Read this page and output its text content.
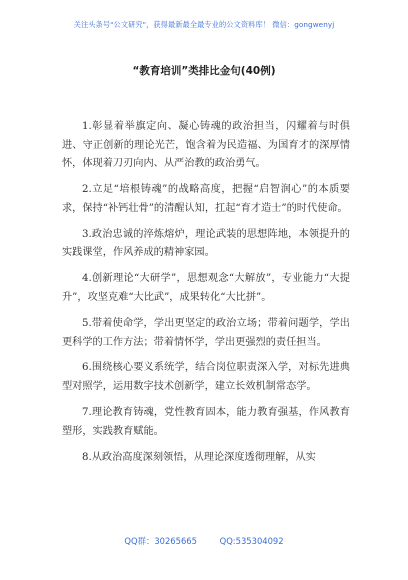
关注头条号"公文研究"，获得最新最全最专业的公文资料库！ 微信：gongwenyj
“教育培训”类排比金句(40例)

1.彰显着举旗定向、凝心铸魂的政治担当，闪耀着与时俱进、守正创新的理论光芒，饱含着为民造福、为国育才的深厚情怀，体现着刀刃向内、从严治教的政治勇气。

2.立足“培根铸魂”的战略高度，把握“启智润心”的本质要求，保持“补钙壮骨”的清醒认知，扛起“育才造士”的时代使命。

3.政治忠诚的淬炼熔炉，理论武装的思想阵地，本领提升的实践课堂，作风养成的精神家园。

4.创新理论“大研学”，思想观念“大解放”，专业能力“大提升”，攻坚克难“大比武”，成果转化“大比拼”。

5.带着使命学，学出更坚定的政治立场；带着问题学，学出更科学的工作方法；带着情怀学，学出更强烈的责任担当。

6.围绕核心要义系统学，结合岗位职责深入学，对标先进典型对照学，运用数字技术创新学，建立长效机制常态学。

7.理论教育铸魂，党性教育固本，能力教育强基，作风教育塑形，实践教育赋能。

8.从政治高度深刻领悟，从理论深度透彻理解，从实

QQ群：30265665	QQ:535304092
